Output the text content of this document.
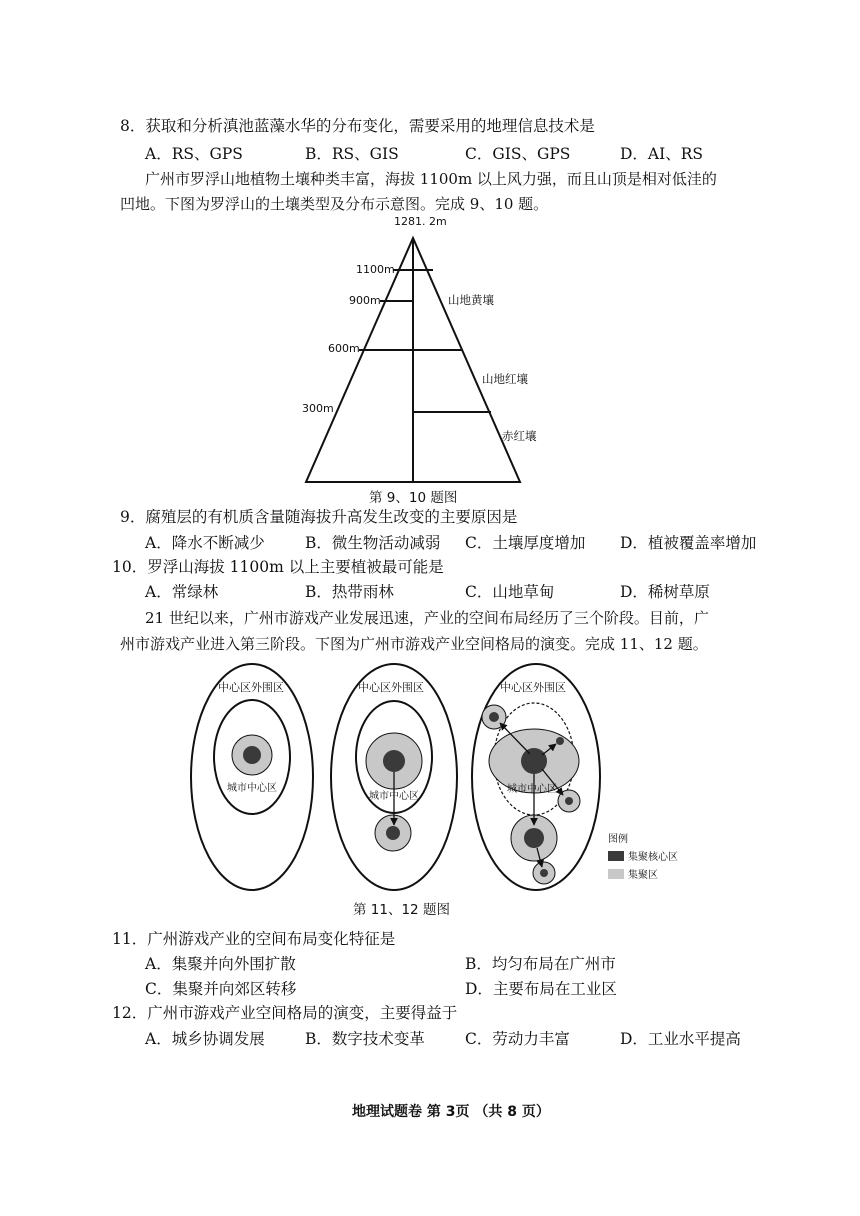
8．获取和分析滇池蓝藻水华的分布变化，需要采用的地理信息技术是
A．RS、GPS	B．RS、GIS	C．GIS、GPS	D．AI、RS
广州市罗浮山地植物土壤种类丰富，海拔 1100m 以上风力强，而且山顶是相对低洼的
凹地。下图为罗浮山的土壤类型及分布示意图。完成 9、10 题。
1281. 2m
1100m
900m
600m
300m
山地黄壤
山地红壤
赤红壤
第 9、10 题图
9．腐殖层的有机质含量随海拔升高发生改变的主要原因是
A．降水不断减少	B．微生物活动减弱 C．土壤厚度增加 D．植被覆盖率增加
10．罗浮山海拔 1100m 以上主要植被最可能是
A．常绿林	B．热带雨林	C．山地草甸	D．稀树草原
21 世纪以来，广州市游戏产业发展迅速，产业的空间布局经历了三个阶段。目前，广
州市游戏产业进入第三阶段。下图为广州市游戏产业空间格局的演变。完成 11、12 题。
中心区外围区
城市中心区
中心区外围区
城市中心区
中心区外围区
城市中心区
图例
集聚核心区
集聚区
第 11、12 题图
11．广州游戏产业的空间布局变化特征是
A．集聚并向外围扩散	B．均匀布局在广州市
C．集聚并向郊区转移	D．主要布局在工业区
12．广州市游戏产业空间格局的演变，主要得益于
A．城乡协调发展	B．数字技术变革	C．劳动力丰富	D．工业水平提高
地理试题卷 第 3页 （共 8 页）
